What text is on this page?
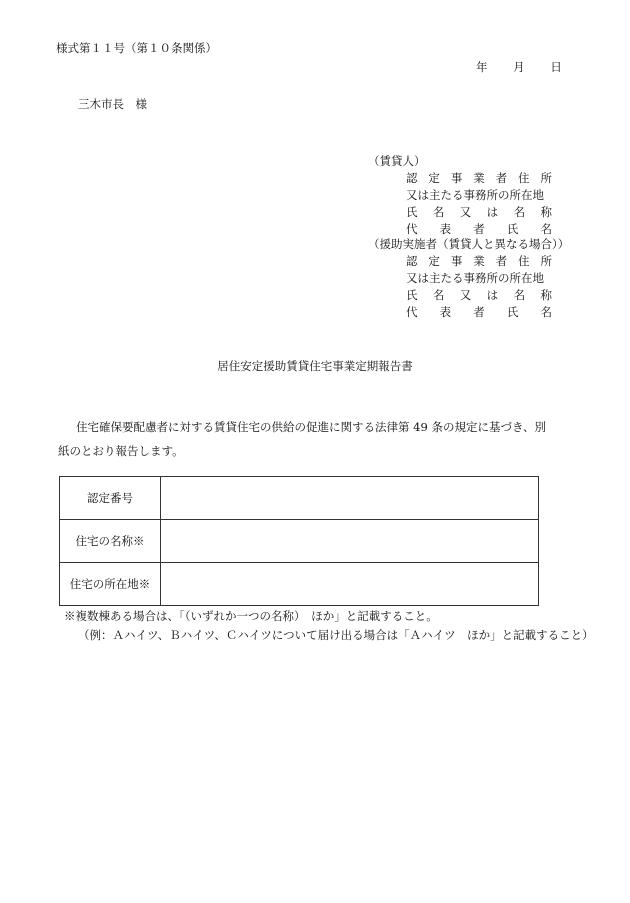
様式第１１号（第１０条関係）
年 月 日
三木市長　様
（賃貸人）
認 定 事 業 者 住 所
又は主たる事務所の所在地
氏 名 又 は 名 称
代 表 者 氏 名
（援助実施者（賃貸人と異なる場合））
認 定 事 業 者 住 所
又は主たる事務所の所在地
氏 名 又 は 名 称
代 表 者 氏 名
居住安定援助賃貸住宅事業定期報告書
住宅確保要配慮者に対する賃貸住宅の供給の促進に関する法律第 49 条の規定に基づき、別紙のとおり報告します。
認定番号	
住宅の名称※	
住宅の所在地※	
※複数棟ある場合は、「（いずれか一つの名称）　ほか」と記載すること。
（例：Ａハイツ、Ｂハイツ、Ｃハイツについて届け出る場合は「Ａハイツ　ほか」と記載すること）
